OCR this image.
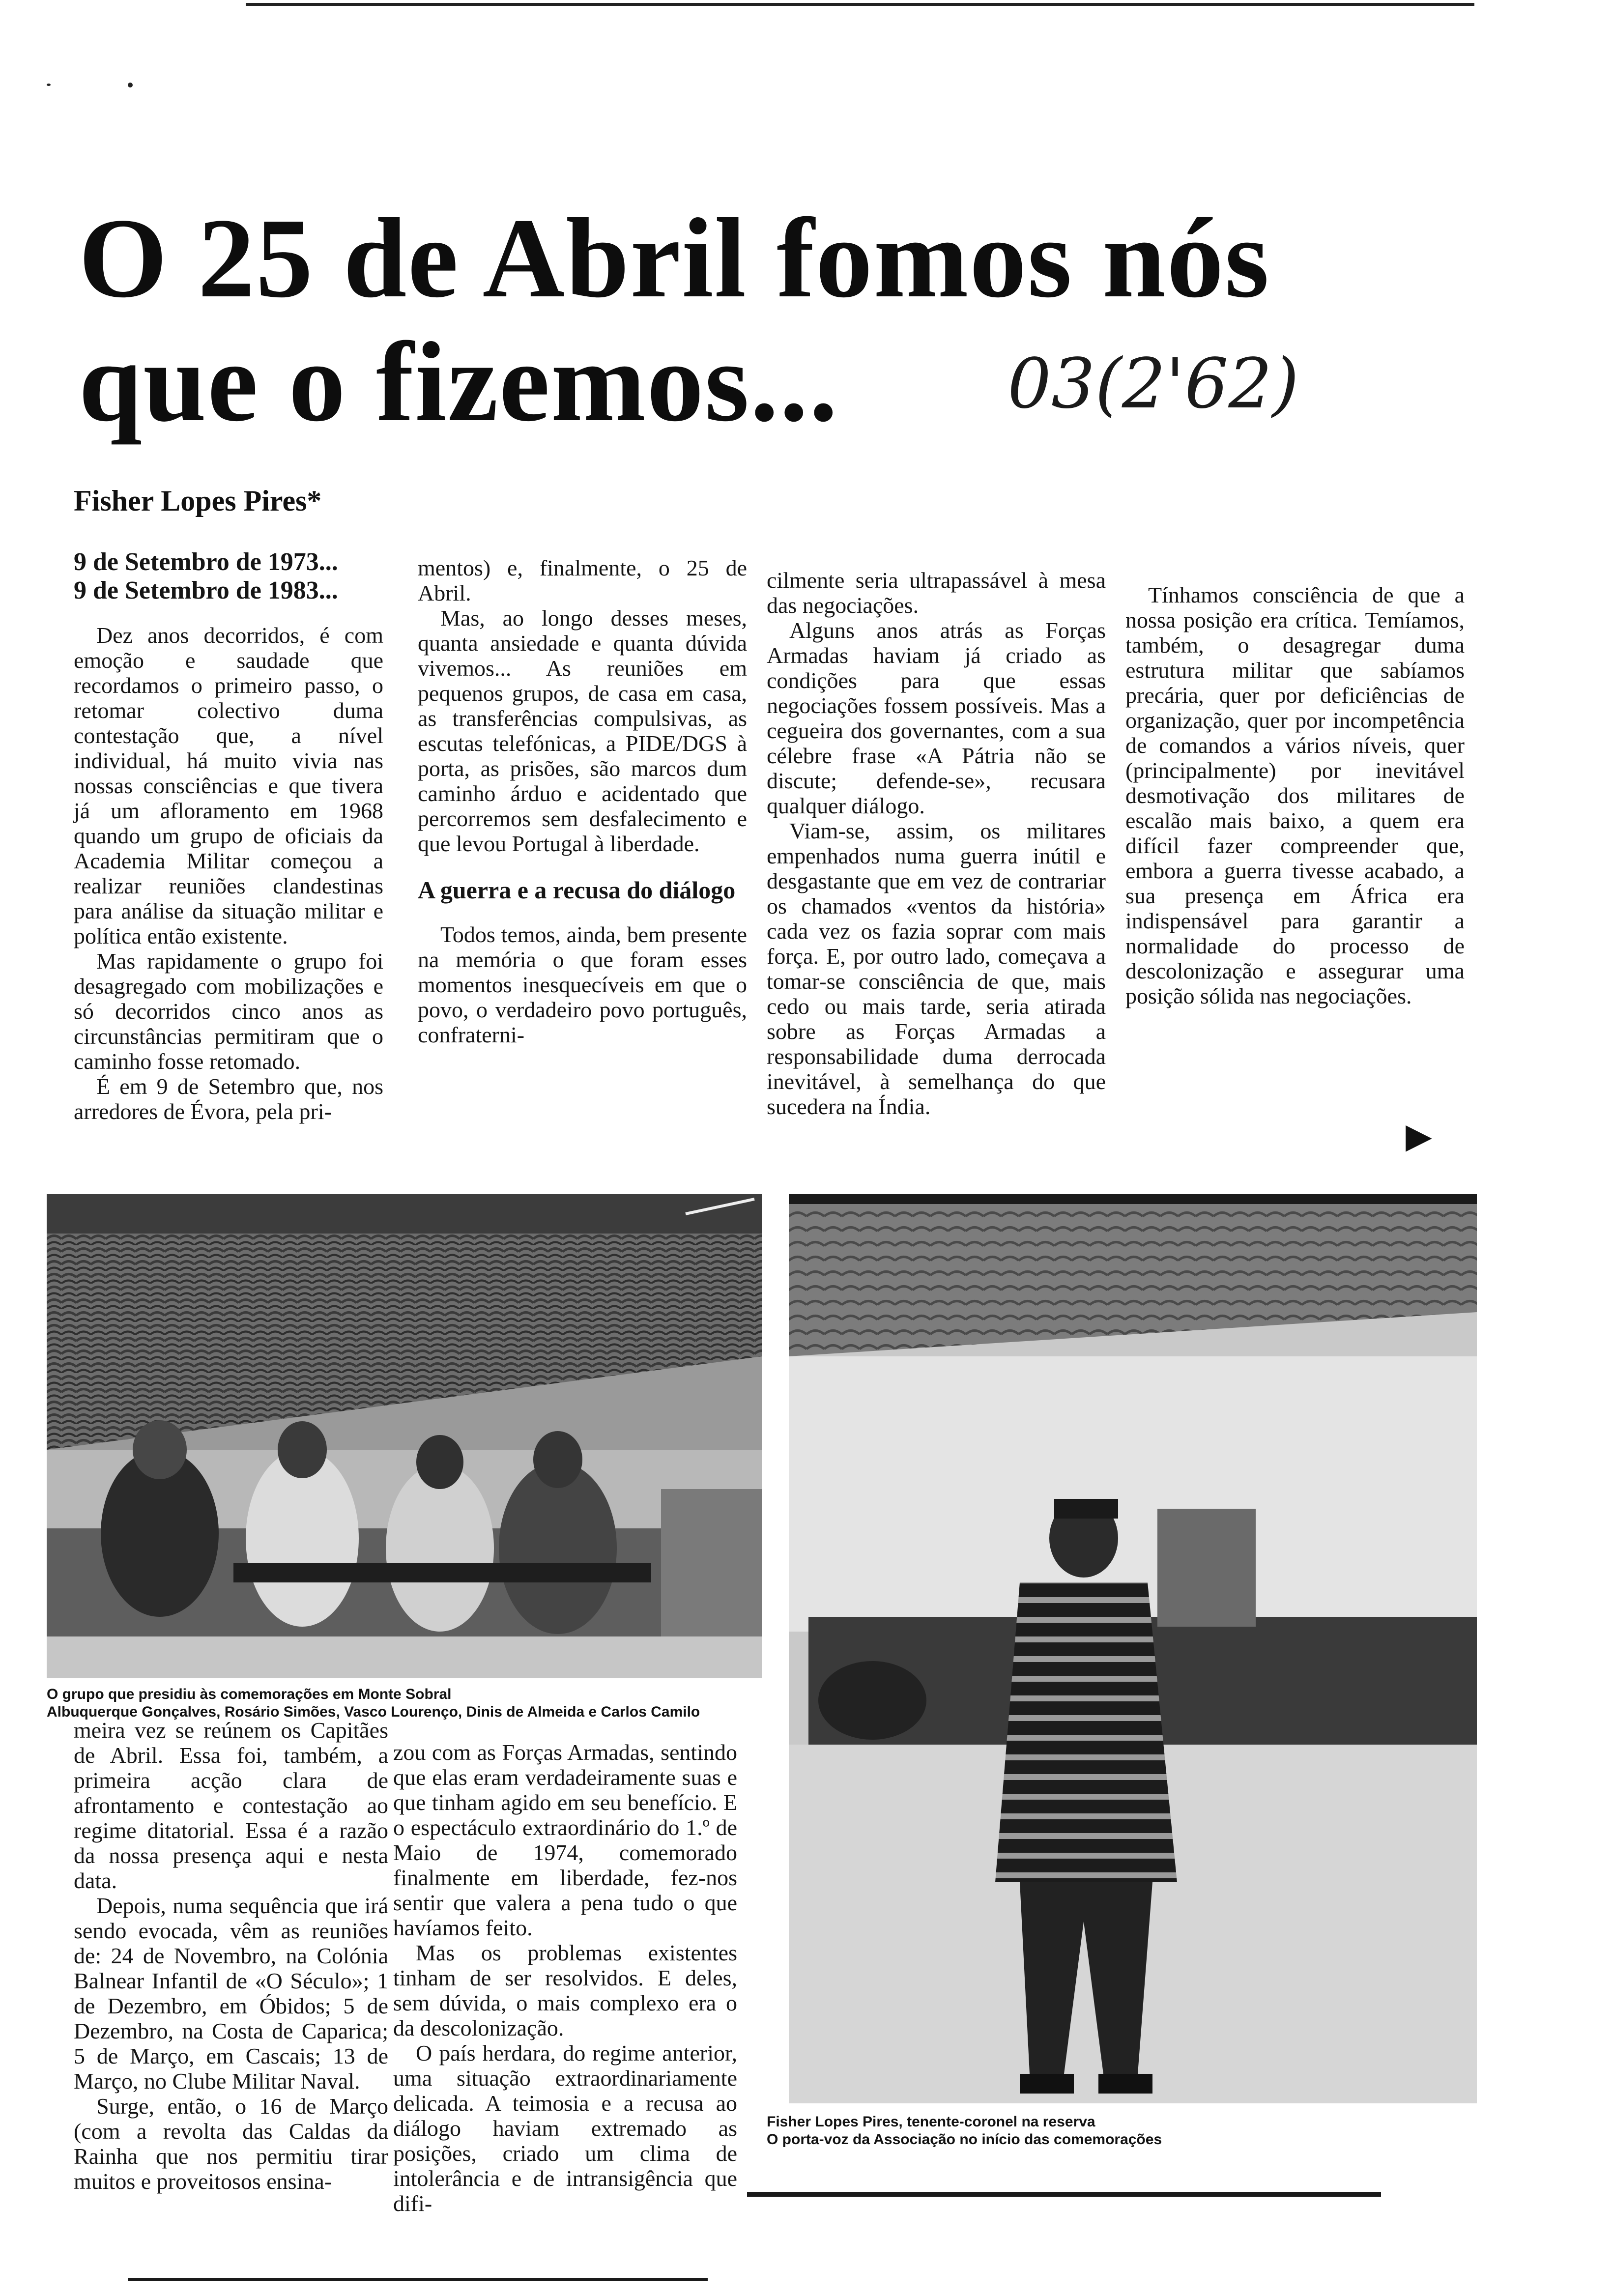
O 25 de Abril fomos nós
que o fizemos...	03(2'62)
Fisher Lopes Pires*

9 de Setembro de 1973...
9 de Setembro de 1983...

Dez anos decorridos, é com emoção e saudade que recordamos o primeiro passo, o retomar colectivo duma contestação que, a nível individual, há muito vivia nas nossas consciências e que tivera já um afloramento em 1968 quando um grupo de oficiais da Academia Militar começou a realizar reuniões clandestinas para análise da situação militar e política então existente.

Mas rapidamente o grupo foi desagregado com mobilizações e só decorridos cinco anos as circunstâncias permitiram que o caminho fosse retomado.

É em 9 de Setembro que, nos arredores de Évora, pela pri-

mentos) e, finalmente, o 25 de Abril.

Mas, ao longo desses meses, quanta ansiedade e quanta dúvida vivemos... As reuniões em pequenos grupos, de casa em casa, as transferências compulsivas, as escutas telefónicas, a PIDE/DGS à porta, as prisões, são marcos dum caminho árduo e acidentado que percorremos sem desfalecimento e que levou Portugal à liberdade.

A guerra e a recusa do diálogo

Todos temos, ainda, bem presente na memória o que foram esses momentos inesquecíveis em que o povo, o verdadeiro povo português, confraterni-

cilmente seria ultrapassável à mesa das negociações.

Alguns anos atrás as Forças Armadas haviam já criado as condições para que essas negociações fossem possíveis. Mas a cegueira dos governantes, com a sua célebre frase «A Pátria não se discute; defende-se», recusara qualquer diálogo.

Viam-se, assim, os militares empenhados numa guerra inútil e desgastante que em vez de contrariar os chamados «ventos da história» cada vez os fazia soprar com mais força. E, por outro lado, começava a tomar-se consciência de que, mais cedo ou mais tarde, seria atirada sobre as Forças Armadas a responsabilidade duma derrocada inevitável, à semelhança do que sucedera na Índia.

Tínhamos consciência de que a nossa posição era crítica. Temíamos, também, o desagregar duma estrutura militar que sabíamos precária, quer por deficiências de organização, quer por incompetência de comandos a vários níveis, quer (principalmente) por inevitável desmotivação dos militares de escalão mais baixo, a quem era difícil fazer compreender que, embora a guerra tivesse acabado, a sua presença em África era indispensável para garantir a normalidade do processo de descolonização e assegurar uma posição sólida nas negociações.

▶
O grupo que presidiu às comemorações em Monte Sobral
Albuquerque Gonçalves, Rosário Simões, Vasco Lourenço, Dinis de Almeida e Carlos Camilo
Fisher Lopes Pires, tenente-coronel na reserva
O porta-voz da Associação no início das comemorações

meira vez se reúnem os Capitães de Abril. Essa foi, também, a primeira acção clara de afrontamento e contestação ao regime ditatorial. Essa é a razão da nossa presença aqui e nesta data.

Depois, numa sequência que irá sendo evocada, vêm as reuniões de: 24 de Novembro, na Colónia Balnear Infantil de «O Século»; 1 de Dezembro, em Óbidos; 5 de Dezembro, na Costa de Caparica; 5 de Março, em Cascais; 13 de Março, no Clube Militar Naval.

Surge, então, o 16 de Março (com a revolta das Caldas da Rainha que nos permitiu tirar muitos e proveitosos ensina-

zou com as Forças Armadas, sentindo que elas eram verdadeiramente suas e que tinham agido em seu benefício. E o espectáculo extraordinário do 1.º de Maio de 1974, comemorado finalmente em liberdade, fez-nos sentir que valera a pena tudo o que havíamos feito.

Mas os problemas existentes tinham de ser resolvidos. E deles, sem dúvida, o mais complexo era o da descolonização.

O país herdara, do regime anterior, uma situação extraordinariamente delicada. A teimosia e a recusa ao diálogo haviam extremado as posições, criado um clima de intolerância e de intransigência que difi-
